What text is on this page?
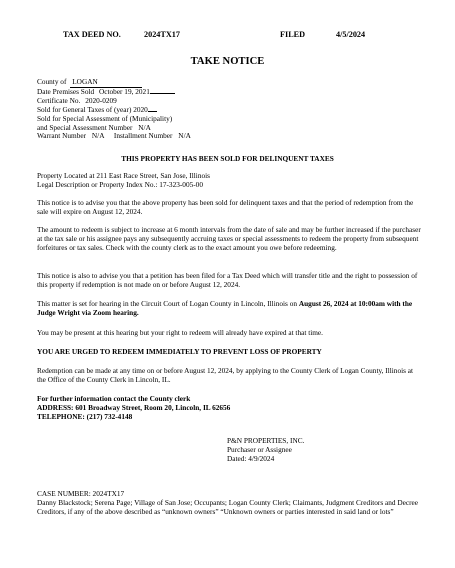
TAX DEED NO.	2024TX17	FILED	4/5/2024
TAKE NOTICE
County of LOGAN
Date Premises Sold October 19, 2021
Certificate No. 2020-0209
Sold for General Taxes of (year) 2020
Sold for Special Assessment of (Municipality)
and Special Assessment Number N/A
Warrant Number N/A Installment Number N/A
THIS PROPERTY HAS BEEN SOLD FOR DELINQUENT TAXES
Property Located at 211 East Race Street, San Jose, Illinois
Legal Description or Property Index No.: 17-323-005-00
This notice is to advise you that the above property has been sold for delinquent taxes and that the period of redemption from the sale will expire on August 12, 2024.
The amount to redeem is subject to increase at 6 month intervals from the date of sale and may be further increased if the purchaser at the tax sale or his assignee pays any subsequently accruing taxes or special assessments to redeem the property from subsequent forfeitures or tax sales. Check with the county clerk as to the exact amount you owe before redeeming.
This notice is also to advise you that a petition has been filed for a Tax Deed which will transfer title and the right to possession of this property if redemption is not made on or before August 12, 2024.
This matter is set for hearing in the Circuit Court of Logan County in Lincoln, Illinois on August 26, 2024 at 10:00am with the Judge Wright via Zoom hearing.
You may be present at this hearing but your right to redeem will already have expired at that time.
YOU ARE URGED TO REDEEM IMMEDIATELY TO PREVENT LOSS OF PROPERTY
Redemption can be made at any time on or before August 12, 2024, by applying to the County Clerk of Logan County, Illinois at the Office of the County Clerk in Lincoln, IL.
For further information contact the County clerk
ADDRESS: 601 Broadway Street, Room 20, Lincoln, IL 62656
TELEPHONE: (217) 732-4148
P&N PROPERTIES, INC.
Purchaser or Assignee
Dated: 4/9/2024
CASE NUMBER: 2024TX17
Danny Blackstock; Serena Page; Village of San Jose; Occupants; Logan County Clerk; Claimants, Judgment Creditors and Decree Creditors, if any of the above described as “unknown owners” “Unknown owners or parties interested in said land or lots”
